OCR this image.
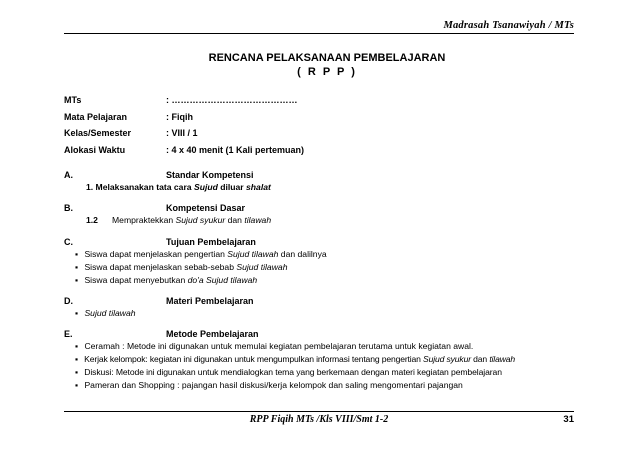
Madrasah Tsanawiyah / MTs
RENCANA PELAKSANAAN PEMBELAJARAN
( R P P )
MTs	: ……………………………………
Mata Pelajaran	: Fiqih
Kelas/Semester	: VIII / 1
Alokasi Waktu	: 4 x 40 menit (1 Kali pertemuan)
A.	Standar Kompetensi
1. Melaksanakan tata cara Sujud diluar shalat
B.	Kompetensi Dasar
1.2 Mempraktekkan Sujud syukur dan tilawah
C.	Tujuan Pembelajaran
▪ Siswa dapat menjelaskan pengertian Sujud tilawah dan dalilnya
▪ Siswa dapat menjelaskan sebab-sebab Sujud tilawah
▪ Siswa dapat menyebutkan do'a Sujud tilawah
D.	Materi Pembelajaran
▪ Sujud tilawah
E.	Metode Pembelajaran
▪ Ceramah : Metode ini digunakan untuk memulai kegiatan pembelajaran terutama untuk kegiatan awal.
▪ Kerjak kelompok: kegiatan ini digunakan untuk mengumpulkan informasi tentang pengertian Sujud syukur dan tilawah
▪ Diskusi: Metode ini digunakan untuk mendialogkan tema yang berkemaan dengan materi kegiatan pembelajaran
▪ Pameran dan Shopping : pajangan hasil diskusi/kerja kelompok dan saling mengomentari pajangan
RPP Fiqih MTs /Kls VIII/Smt 1-2	31
